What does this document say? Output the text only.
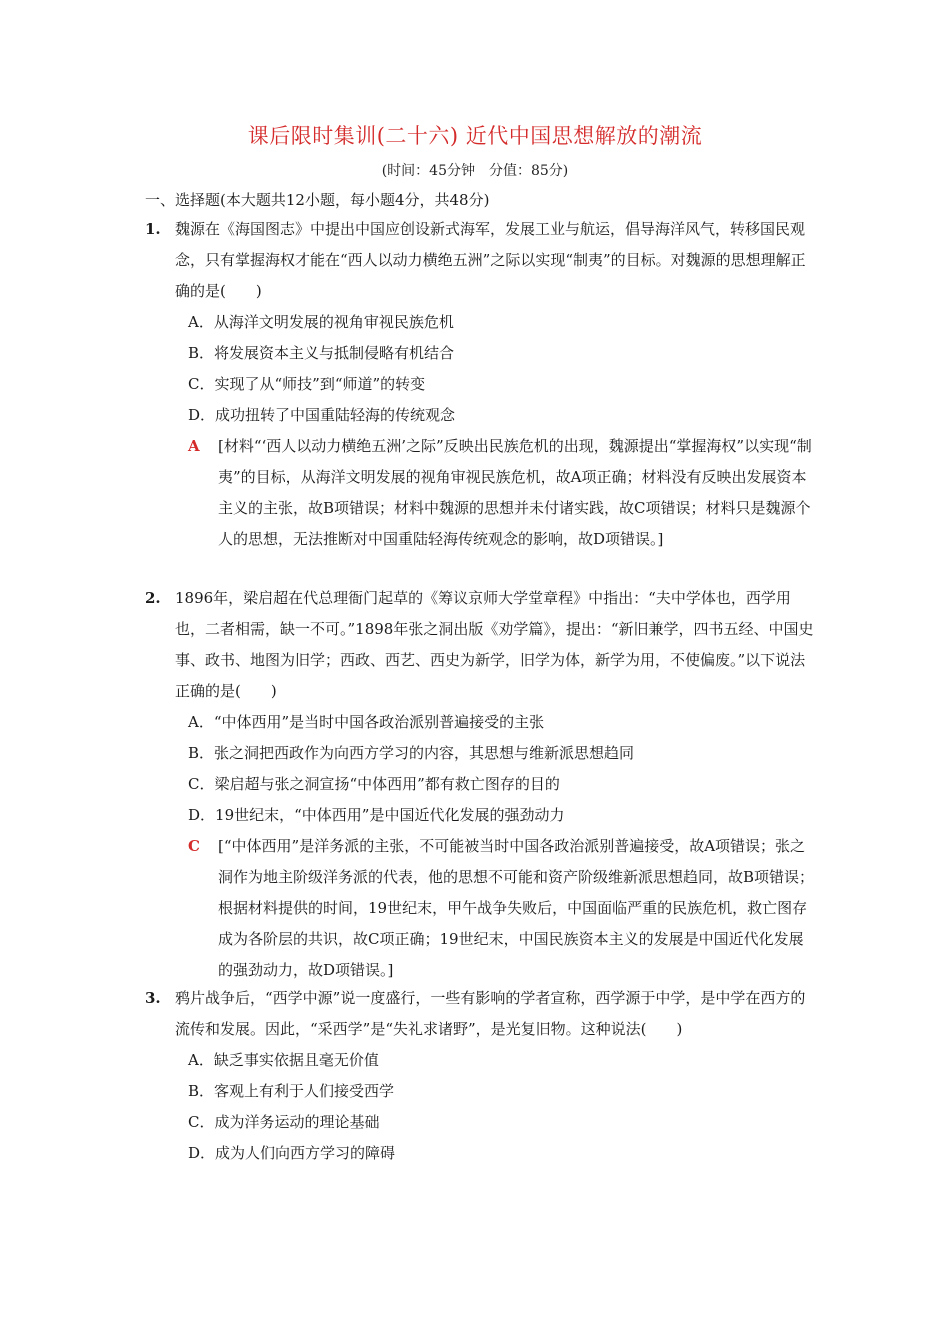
课后限时集训(二十六) 近代中国思想解放的潮流
(时间：45分钟　分值：85分)
一、选择题(本大题共12小题，每小题4分，共48分)
1. 魏源在《海国图志》中提出中国应创设新式海军，发展工业与航运，倡导海洋风气，转移国民观念，只有掌握海权才能在“西人以动力横绝五洲”之际以实现“制夷”的目标。对魏源的思想理解正确的是(　　)
A．从海洋文明发展的视角审视民族危机
B．将发展资本主义与抵制侵略有机结合
C．实现了从“师技”到“师道”的转变
D．成功扭转了中国重陆轻海的传统观念
A [材料“‘西人以动力横绝五洲’之际”反映出民族危机的出现，魏源提出“掌握海权”以实现“制夷”的目标，从海洋文明发展的视角审视民族危机，故A项正确；材料没有反映出发展资本主义的主张，故B项错误；材料中魏源的思想并未付诸实践，故C项错误；材料只是魏源个人的思想，无法推断对中国重陆轻海传统观念的影响，故D项错误。]
2. 1896年，梁启超在代总理衙门起草的《筹议京师大学堂章程》中指出：“夫中学体也，西学用也，二者相需，缺一不可。”1898年张之洞出版《劝学篇》，提出：“新旧兼学，四书五经、中国史事、政书、地图为旧学；西政、西艺、西史为新学，旧学为体，新学为用，不使偏废。”以下说法正确的是(　　)
A．“中体西用”是当时中国各政治派别普遍接受的主张
B．张之洞把西政作为向西方学习的内容，其思想与维新派思想趋同
C．梁启超与张之洞宣扬“中体西用”都有救亡图存的目的
D．19世纪末，“中体西用”是中国近代化发展的强劲动力
C [“中体西用”是洋务派的主张，不可能被当时中国各政治派别普遍接受，故A项错误；张之洞作为地主阶级洋务派的代表，他的思想不可能和资产阶级维新派思想趋同，故B项错误；根据材料提供的时间，19世纪末，甲午战争失败后，中国面临严重的民族危机，救亡图存成为各阶层的共识，故C项正确；19世纪末，中国民族资本主义的发展是中国近代化发展的强劲动力，故D项错误。]
3. 鸦片战争后，“西学中源”说一度盛行，一些有影响的学者宣称，西学源于中学，是中学在西方的流传和发展。因此，“采西学”是“失礼求诸野”，是光复旧物。这种说法(　　)
A．缺乏事实依据且毫无价值
B．客观上有利于人们接受西学
C．成为洋务运动的理论基础
D．成为人们向西方学习的障碍
